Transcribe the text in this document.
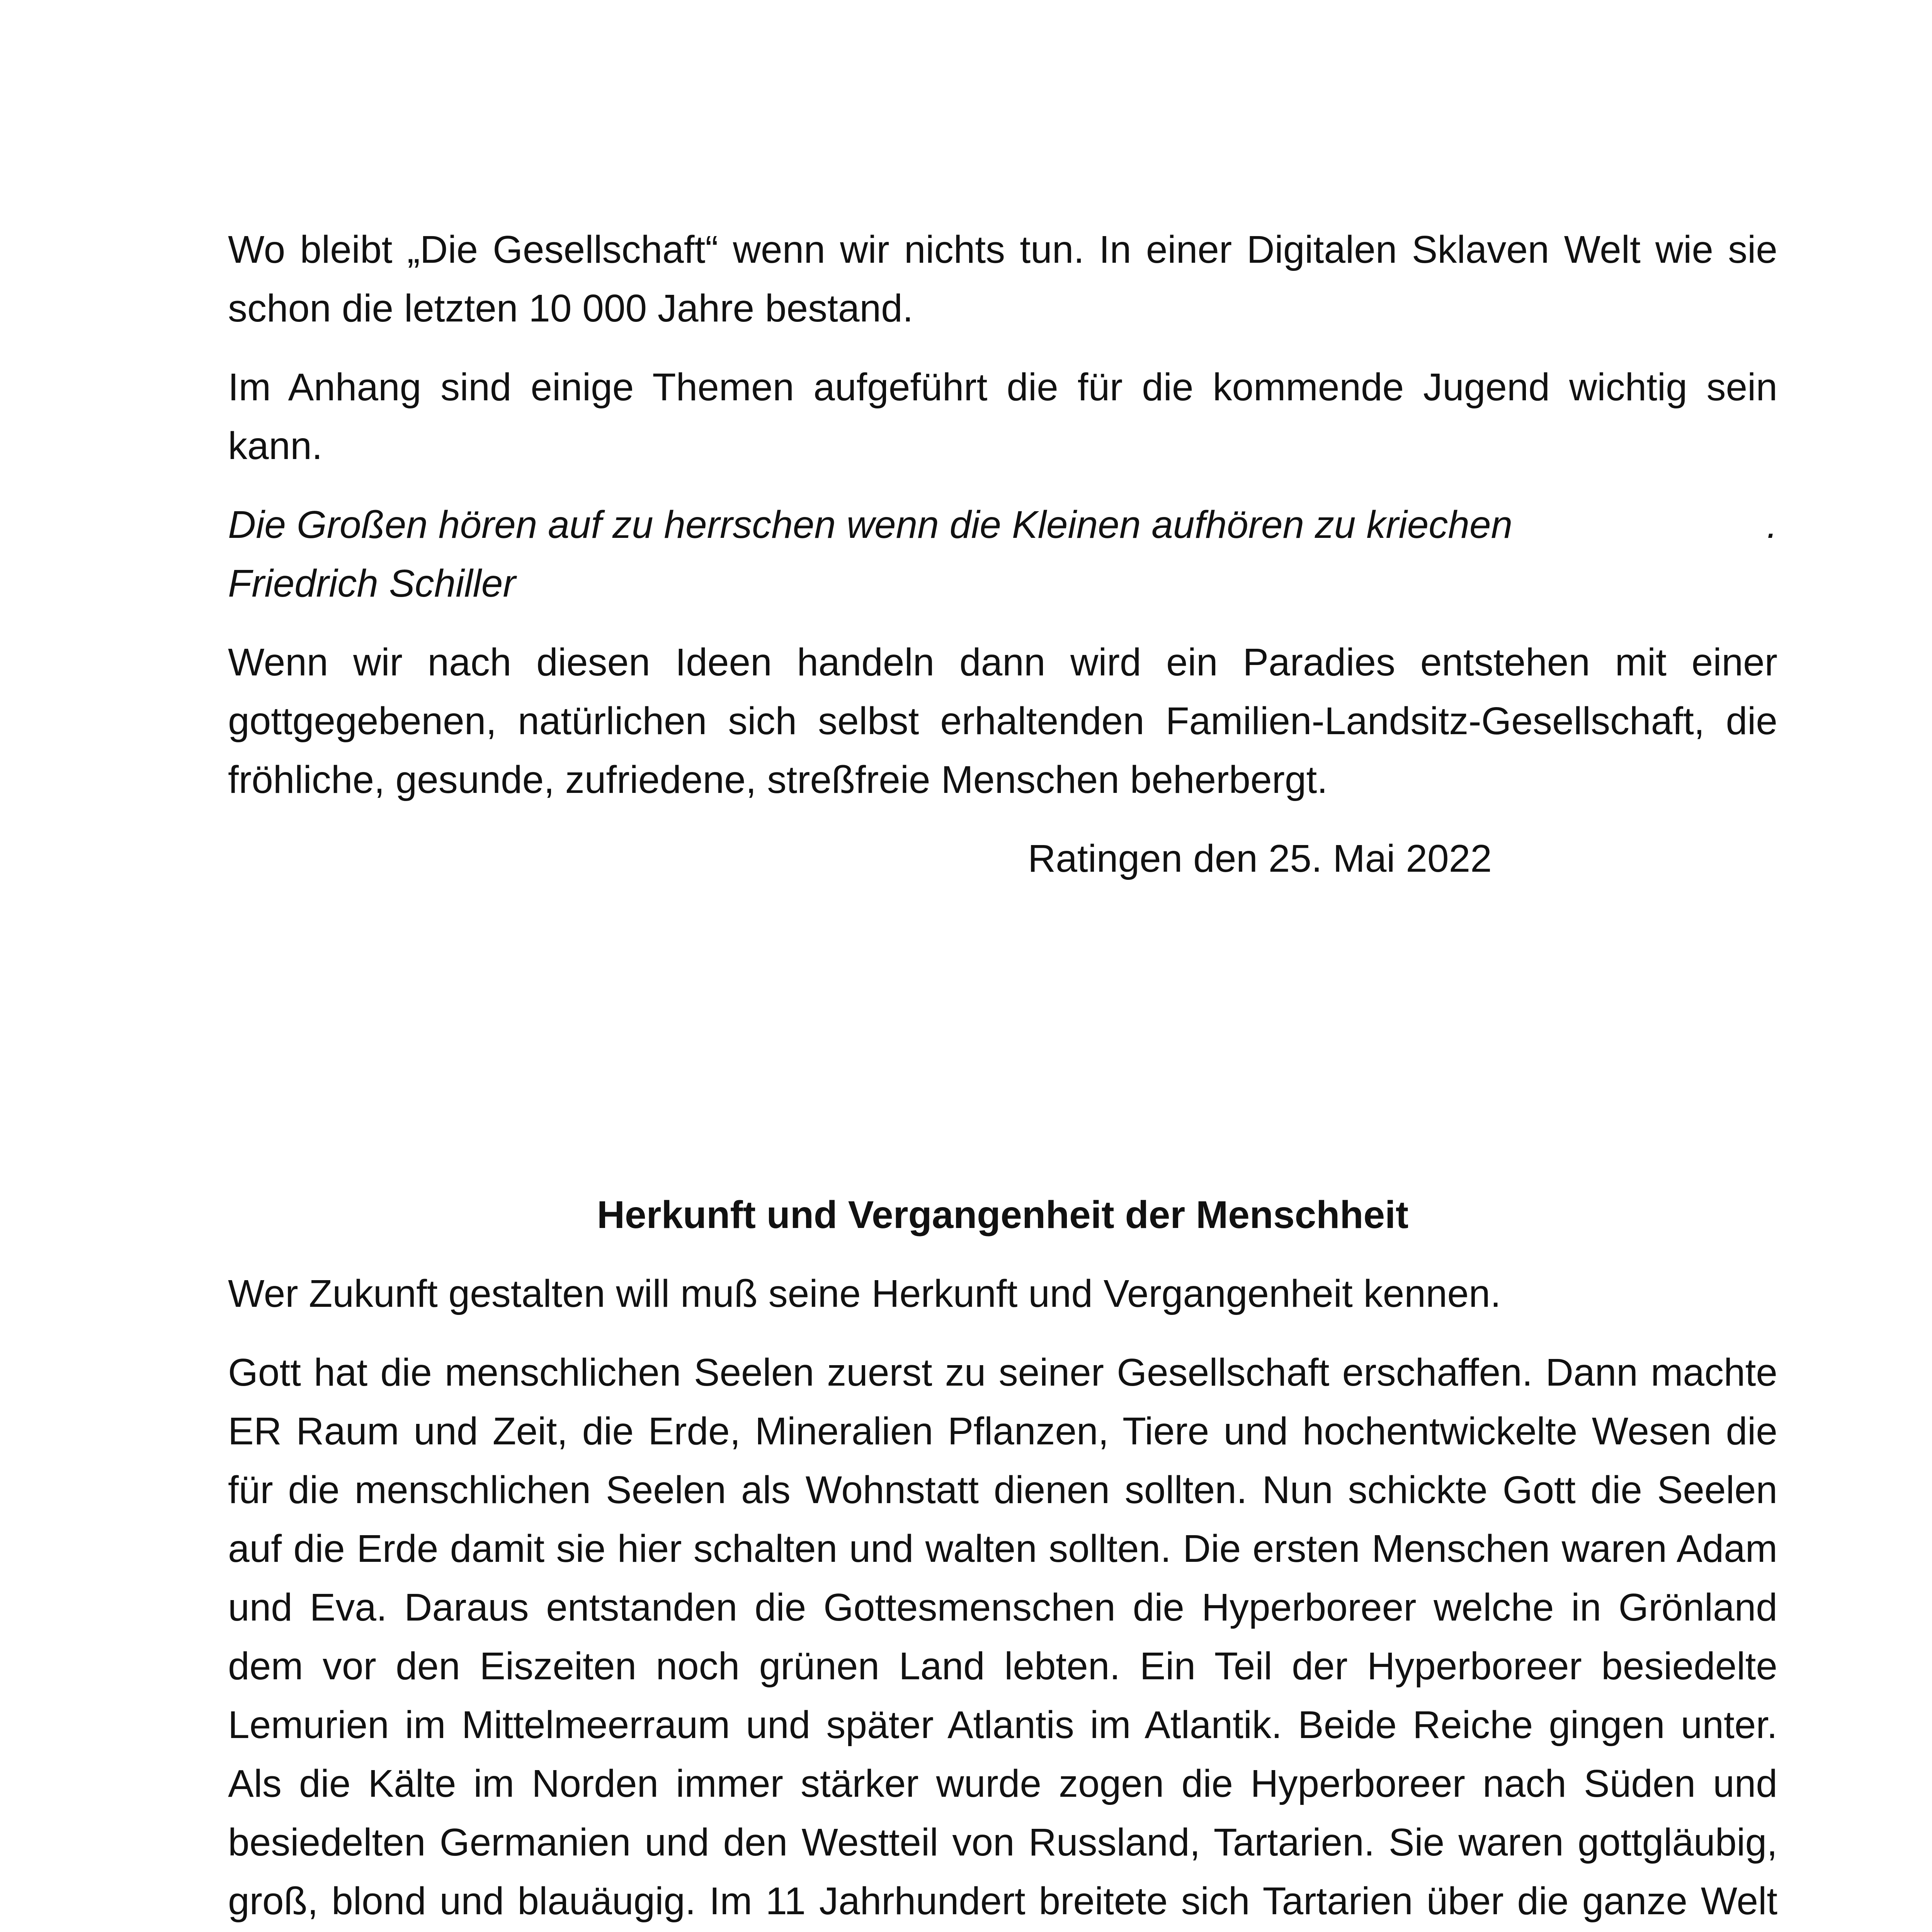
Wo bleibt „Die Gesellschaft“ wenn wir nichts tun. In einer Digitalen Sklaven Welt wie sie schon die letzten 10 000 Jahre bestand.

Im Anhang sind einige Themen aufgeführt die für die kommende Jugend wichtig sein kann.

Die Großen hören auf zu herrschen wenn die Kleinen aufhören zu kriechen	.
Friedrich Schiller

Wenn wir nach diesen Ideen handeln dann wird ein Paradies entstehen mit einer gottgegebenen, natürlichen sich selbst erhaltenden Familien-Landsitz-Gesellschaft, die fröhliche, gesunde, zufriedene, streßfreie Menschen beherbergt.

Ratingen den 25. Mai 2022

Herkunft und Vergangenheit der Menschheit

Wer Zukunft gestalten will muß seine Herkunft und Vergangenheit kennen.

Gott hat die menschlichen Seelen zuerst zu seiner Gesellschaft erschaffen. Dann machte ER Raum und Zeit, die Erde, Mineralien Pflanzen, Tiere und hochentwickelte Wesen die für die menschlichen Seelen als Wohnstatt dienen sollten. Nun schickte Gott die Seelen auf die Erde damit sie hier schalten und walten sollten. Die ersten Menschen waren Adam und Eva. Daraus entstanden die Gottesmenschen die Hyperboreer welche in Grönland dem vor den Eiszeiten noch grünen Land lebten. Ein Teil der Hyperboreer besiedelte Lemurien im Mittelmeerraum und später Atlantis im Atlantik. Beide Reiche gingen unter. Als die Kälte im Norden immer stärker wurde zogen die Hyperboreer nach Süden und besiedelten Germanien und den Westteil von Russland, Tartarien. Sie waren gottgläubig, groß, blond und blauäugig. Im 11 Jahrhundert breitete sich Tartarien über die ganze Welt
